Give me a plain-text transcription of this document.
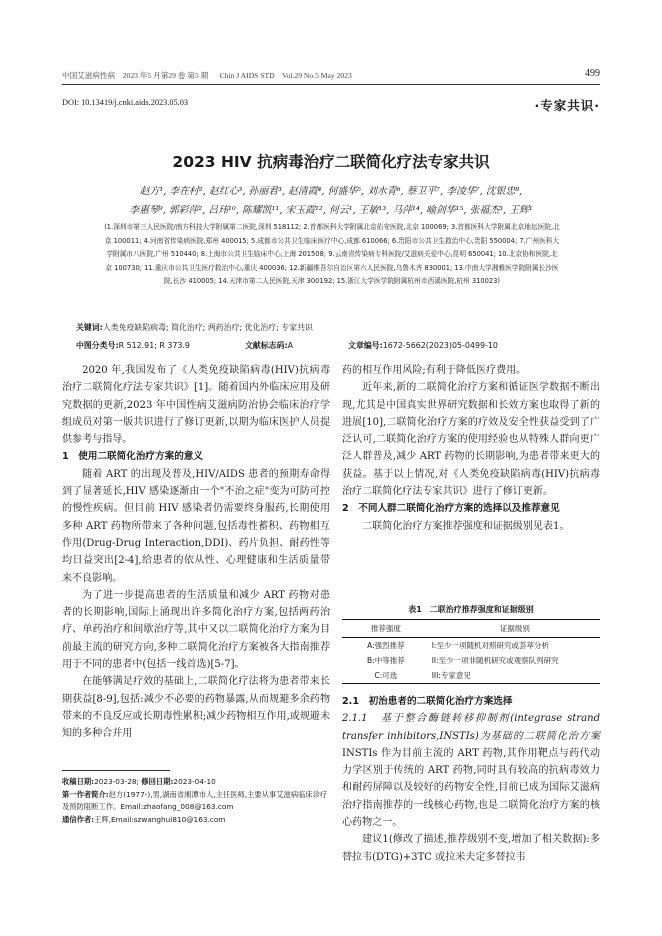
中国艾滋病性病 2023 年5 月第29 卷 第5 期 Chin J AIDS STD Vol.29 No.5 May 2023	499
DOI: 10.13419/j.cnki.aids.2023.05.03	·专家共识·
2023 HIV 抗病毒治疗二联简化疗法专家共识
赵方¹, 李在村², 赵红心³, 孙丽君³, 赵清霞⁴, 何盛华⁵, 刘水青⁶, 蔡卫平⁷, 李凌华⁷, 沈银忠⁸,
李惠琴⁹, 郭彩萍², 吕玮¹⁰, 陈耀凯¹¹, 宋玉霞¹², 何云¹, 王敏¹³, 马萍¹⁴, 喻剑华¹⁵, 张福杰³, 王辉¹
(1.深圳市第三人民医院/南方科技大学附属第二医院,深圳 518112; 2.首都医科大学附属北京佑安医院,北京 100069; 3.首都医科大学附属北京地坛医院,北京 100011; 4.河南省传染病医院,郑州 400015; 5.成都市公共卫生临床医疗中心,成都 610066; 6.贵阳市公共卫生救治中心,贵阳 550004; 7.广州医科大学附属市八医院,广州 510440; 8.上海市公共卫生临床中心,上海 201508; 9.云南省传染病专科医院/艾滋病关爱中心,昆明 650041; 10.北京协和医院,北京 100730; 11.重庆市公共卫生医疗救治中心,重庆 400036; 12.新疆维吾尔自治区第六人民医院,乌鲁木齐 830001; 13.中南大学湘雅医学院附属长沙医院,长沙 410005; 14.天津市第二人民医院,天津 300192; 15.浙江大学医学院附属杭州市西溪医院,杭州 310023)
关键词:人类免疫缺陷病毒; 简化治疗; 两药治疗; 优化治疗; 专家共识
中图分类号:R 512.91; R 373.9	文献标志码:A	文章编号:1672-5662(2023)05-0499-10

2020 年,我国发布了《人类免疫缺陷病毒(HIV)抗病毒治疗二联简化疗法专家共识》[1]。随着国内外临床应用及研究数据的更新,2023 年中国性病艾滋病防治协会临床治疗学组成员对第一版共识进行了修订更新,以期为临床医护人员提供参考与指导。

1　使用二联简化治疗方案的意义

随着 ART 的出现及普及,HIV/AIDS 患者的预期寿命得到了显著延长,HIV 感染逐渐由一个"不治之症"变为可防可控的慢性疾病。但目前 HIV 感染者仍需要终身服药,长期使用多种 ART 药物所带来了各种问题,包括毒性蓄积、药物相互作用(Drug-Drug Interaction,DDI)、药片负担、耐药性等均日益突出[2-4],给患者的依从性、心理健康和生活质量带来不良影响。

为了进一步提高患者的生活质量和减少 ART 药物对患者的长期影响,国际上涌现出许多简化治疗方案,包括两药治疗、单药治疗和间歇治疗等,其中又以二联简化治疗方案为目前最主流的研究方向,多种二联简化治疗方案被各大指南推荐用于不同的患者中(包括一线首选)[5-7]。

在能够满足疗效的基础上,二联简化疗法将为患者带来长期获益[8-9],包括:减少不必要的药物暴露,从而规避多余药物带来的不良反应或长期毒性累积;减少药物相互作用,或规避未知的多种合并用

收稿日期:2023-03-28; 修回日期:2023-04-10
第一作者简介:赵方(1977-),男,湖南省湘潭市人,主任医师,主要从事艾滋病临床诊疗及预防阻断工作。Email:zhaofang_008@163.com
通信作者:王辉,Email:szwanghui810@163.com

药的相互作用风险;有利于降低医疗费用。

近年来,新的二联简化治疗方案和循证医学数据不断出现,尤其是中国真实世界研究数据和长效方案也取得了新的进展[10],二联简化治疗方案的疗效及安全性获益受到了广泛认可,二联简化治疗方案的使用经验也从特殊人群向更广泛人群普及,减少 ART 药物的长期影响,为患者带来更大的获益。基于以上情况,对《人类免疫缺陷病毒(HIV)抗病毒治疗二联简化疗法专家共识》进行了修订更新。

2　不同人群二联简化治疗方案的选择以及推荐意见

二联简化治疗方案推荐强度和证据级别见表1。

表1　二联治疗推荐强度和证据级别
推荐强度	证据级别
A:强烈推荐	I:至少一项随机对照研究或荟萃分析
B:中等推荐	II:至少一项非随机研究或观察队列研究
C:可选	III:专家意见
2.1　初治患者的二联简化治疗方案选择

2.1.1　基于整合酶链转移抑制剂(integrase strand transfer inhibitors,INSTIs)为基础的二联简化治方案

INSTIs 作为目前主流的 ART 药物,其作用靶点与药代动力学区别于传统的 ART 药物,同时具有较高的抗病毒效力和耐药屏障以及较好的药物安全性,目前已成为国际艾滋病治疗指南推荐的一线核心药物,也是二联简化治疗方案的核心药物之一。

建议1(修改了描述,推荐级别不变,增加了相关数据):多替拉韦(DTG)+3TC 或拉米夫定多替拉韦
